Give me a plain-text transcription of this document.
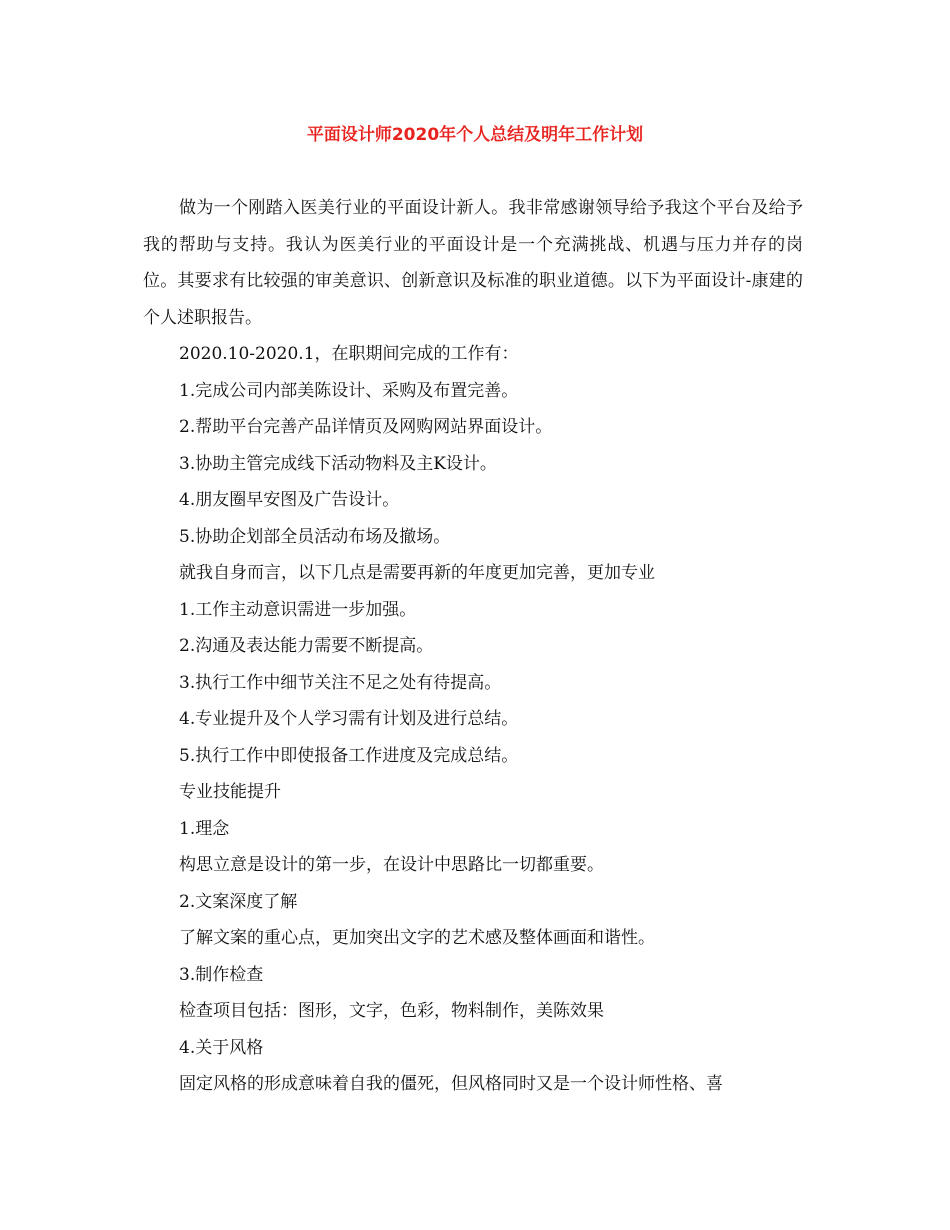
平面设计师2020年个人总结及明年工作计划

做为一个刚踏入医美行业的平面设计新人。我非常感谢领导给予我这个平台及给予我的帮助与支持。我认为医美行业的平面设计是一个充满挑战、机遇与压力并存的岗位。其要求有比较强的审美意识、创新意识及标准的职业道德。以下为平面设计-康建的个人述职报告。

2020.10-2020.1，在职期间完成的工作有：

1.完成公司内部美陈设计、采购及布置完善。

2.帮助平台完善产品详情页及网购网站界面设计。

3.协助主管完成线下活动物料及主K设计。

4.朋友圈早安图及广告设计。

5.协助企划部全员活动布场及撤场。

就我自身而言，以下几点是需要再新的年度更加完善，更加专业

1.工作主动意识需进一步加强。

2.沟通及表达能力需要不断提高。

3.执行工作中细节关注不足之处有待提高。

4.专业提升及个人学习需有计划及进行总结。

5.执行工作中即使报备工作进度及完成总结。

专业技能提升

1.理念

构思立意是设计的第一步，在设计中思路比一切都重要。

2.文案深度了解

了解文案的重心点，更加突出文字的艺术感及整体画面和谐性。

3.制作检查

检查项目包括：图形，文字，色彩，物料制作，美陈效果

4.关于风格

固定风格的形成意味着自我的僵死，但风格同时又是一个设计师性格、喜
